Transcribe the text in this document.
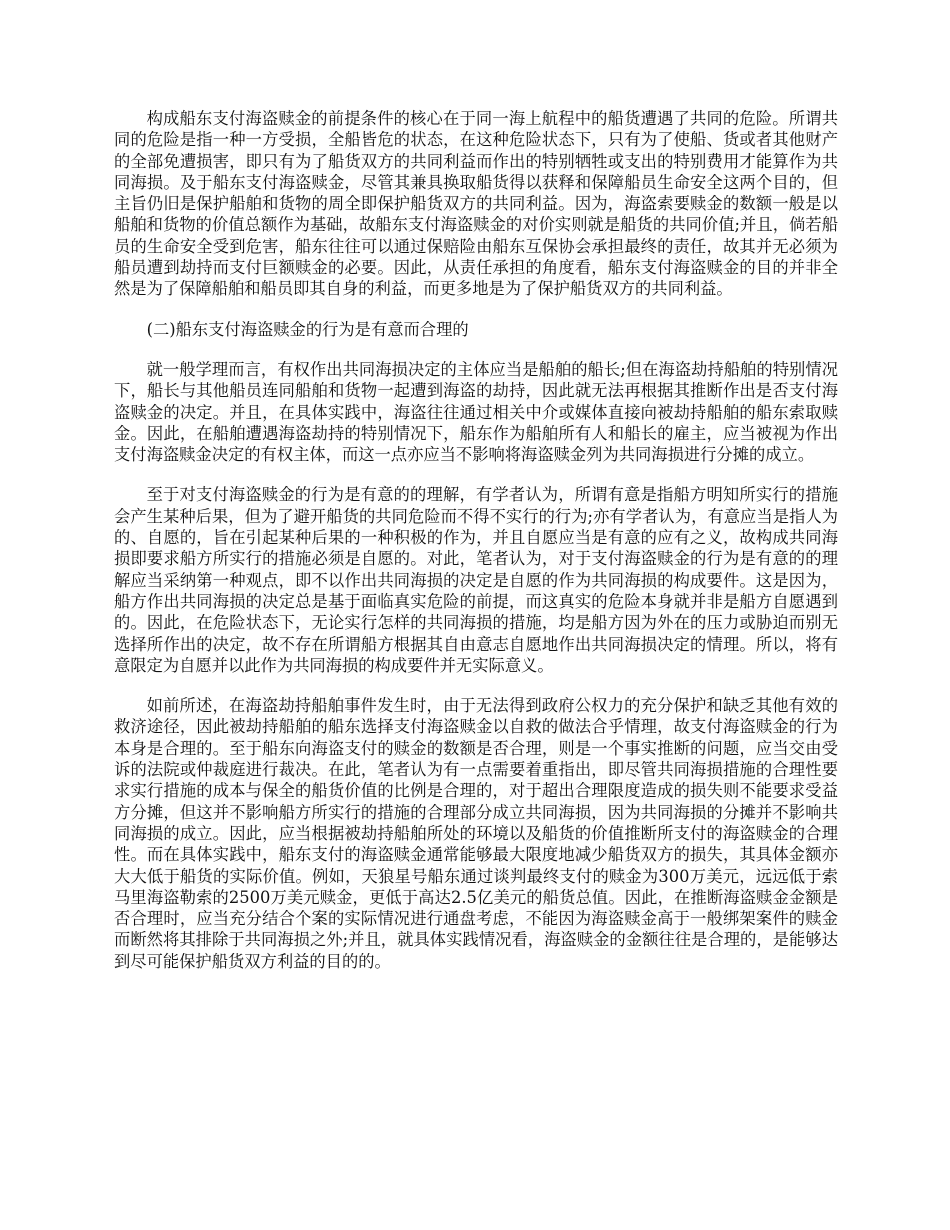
构成船东支付海盗赎金的前提条件的核心在于同一海上航程中的船货遭遇了共同的危险。所谓共同的危险是指一种一方受损，全船皆危的状态，在这种危险状态下，只有为了使船、货或者其他财产的全部免遭损害，即只有为了船货双方的共同利益而作出的特别牺牲或支出的特别费用才能算作为共同海损。及于船东支付海盗赎金，尽管其兼具换取船货得以获释和保障船员生命安全这两个目的，但主旨仍旧是保护船舶和货物的周全即保护船货双方的共同利益。因为，海盗索要赎金的数额一般是以船舶和货物的价值总额作为基础，故船东支付海盗赎金的对价实则就是船货的共同价值;并且，倘若船员的生命安全受到危害，船东往往可以通过保赔险由船东互保协会承担最终的责任，故其并无必须为船员遭到劫持而支付巨额赎金的必要。因此，从责任承担的角度看，船东支付海盗赎金的目的并非全然是为了保障船舶和船员即其自身的利益，而更多地是为了保护船货双方的共同利益。

(二)船东支付海盗赎金的行为是有意而合理的

就一般学理而言，有权作出共同海损决定的主体应当是船舶的船长;但在海盗劫持船舶的特别情况下，船长与其他船员连同船舶和货物一起遭到海盗的劫持，因此就无法再根据其推断作出是否支付海盗赎金的决定。并且，在具体实践中，海盗往往通过相关中介或媒体直接向被劫持船舶的船东索取赎金。因此，在船舶遭遇海盗劫持的特别情况下，船东作为船舶所有人和船长的雇主，应当被视为作出支付海盗赎金决定的有权主体，而这一点亦应当不影响将海盗赎金列为共同海损进行分摊的成立。

至于对支付海盗赎金的行为是有意的的理解，有学者认为，所谓有意是指船方明知所实行的措施会产生某种后果，但为了避开船货的共同危险而不得不实行的行为;亦有学者认为，有意应当是指人为的、自愿的，旨在引起某种后果的一种积极的作为，并且自愿应当是有意的应有之义，故构成共同海损即要求船方所实行的措施必须是自愿的。对此，笔者认为，对于支付海盗赎金的行为是有意的的理解应当采纳第一种观点，即不以作出共同海损的决定是自愿的作为共同海损的构成要件。这是因为，船方作出共同海损的决定总是基于面临真实危险的前提，而这真实的危险本身就并非是船方自愿遇到的。因此，在危险状态下，无论实行怎样的共同海损的措施，均是船方因为外在的压力或胁迫而别无选择所作出的决定，故不存在所谓船方根据其自由意志自愿地作出共同海损决定的情理。所以，将有意限定为自愿并以此作为共同海损的构成要件并无实际意义。

如前所述，在海盗劫持船舶事件发生时，由于无法得到政府公权力的充分保护和缺乏其他有效的救济途径，因此被劫持船舶的船东选择支付海盗赎金以自救的做法合乎情理，故支付海盗赎金的行为本身是合理的。至于船东向海盗支付的赎金的数额是否合理，则是一个事实推断的问题，应当交由受诉的法院或仲裁庭进行裁决。在此，笔者认为有一点需要着重指出，即尽管共同海损措施的合理性要求实行措施的成本与保全的船货价值的比例是合理的，对于超出合理限度造成的损失则不能要求受益方分摊，但这并不影响船方所实行的措施的合理部分成立共同海损，因为共同海损的分摊并不影响共同海损的成立。因此，应当根据被劫持船舶所处的环境以及船货的价值推断所支付的海盗赎金的合理性。而在具体实践中，船东支付的海盗赎金通常能够最大限度地减少船货双方的损失，其具体金额亦大大低于船货的实际价值。例如，天狼星号船东通过谈判最终支付的赎金为300万美元，远远低于索马里海盗勒索的2500万美元赎金，更低于高达2.5亿美元的船货总值。因此，在推断海盗赎金金额是否合理时，应当充分结合个案的实际情况进行通盘考虑，不能因为海盗赎金高于一般绑架案件的赎金而断然将其排除于共同海损之外;并且，就具体实践情况看，海盗赎金的金额往往是合理的，是能够达到尽可能保护船货双方利益的目的的。
